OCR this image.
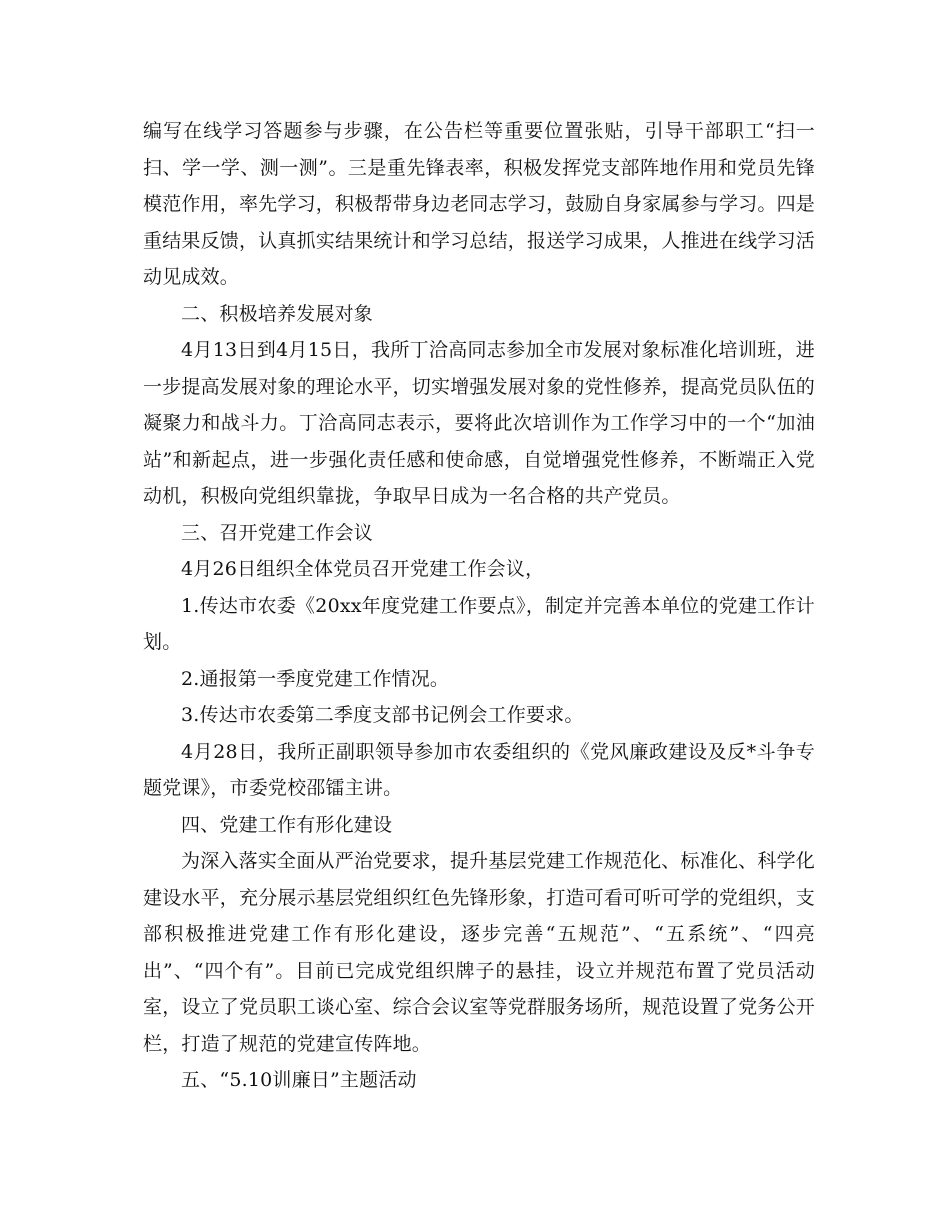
编写在线学习答题参与步骤，在公告栏等重要位置张贴，引导干部职工“扫一扫、学一学、测一测”。三是重先锋表率，积极发挥党支部阵地作用和党员先锋模范作用，率先学习，积极帮带身边老同志学习，鼓励自身家属参与学习。四是重结果反馈，认真抓实结果统计和学习总结，报送学习成果，人推进在线学习活动见成效。

二、积极培养发展对象

4月13日到4月15日，我所丁洽高同志参加全市发展对象标准化培训班，进一步提高发展对象的理论水平，切实增强发展对象的党性修养，提高党员队伍的凝聚力和战斗力。丁洽高同志表示，要将此次培训作为工作学习中的一个“加油站”和新起点，进一步强化责任感和使命感，自觉增强党性修养，不断端正入党动机，积极向党组织靠拢，争取早日成为一名合格的共产党员。

三、召开党建工作会议

4月26日组织全体党员召开党建工作会议，

1.传达市农委《20xx年度党建工作要点》，制定并完善本单位的党建工作计划。

2.通报第一季度党建工作情况。

3.传达市农委第二季度支部书记例会工作要求。

4月28日，我所正副职领导参加市农委组织的《党风廉政建设及反*斗争专题党课》，市委党校邵镭主讲。

四、党建工作有形化建设

为深入落实全面从严治党要求，提升基层党建工作规范化、标准化、科学化建设水平，充分展示基层党组织红色先锋形象，打造可看可听可学的党组织，支部积极推进党建工作有形化建设，逐步完善“五规范”、“五系统”、“四亮出”、“四个有”。目前已完成党组织牌子的悬挂，设立并规范布置了党员活动室，设立了党员职工谈心室、综合会议室等党群服务场所，规范设置了党务公开栏，打造了规范的党建宣传阵地。

五、“5.10训廉日”主题活动
